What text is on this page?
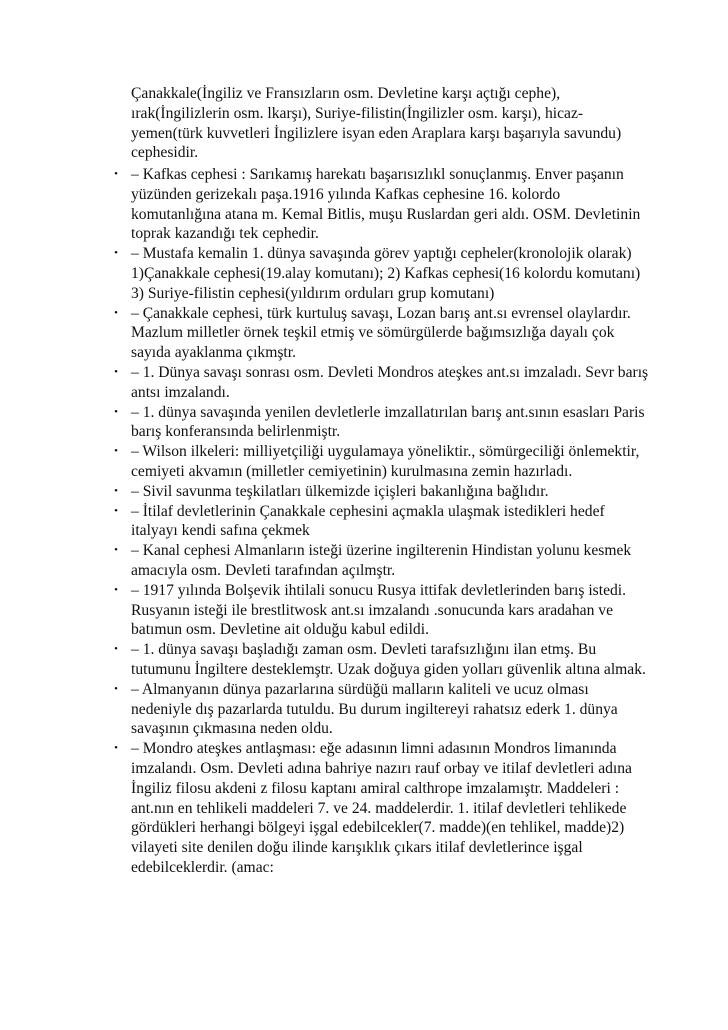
Çanakkale(İngiliz ve Fransızların osm. Devletine karşı açtığı cephe), ırak(İngilizlerin osm. lkarşı), Suriye-filistin(İngilizler osm. karşı), hicaz-yemen(türk kuvvetleri İngilizlere isyan eden Araplara karşı başarıyla savundu) cephesidir.
• – Kafkas cephesi : Sarıkamış harekatı başarısızlıkl sonuçlanmış. Enver paşanın yüzünden gerizekalı paşa.1916 yılında Kafkas cephesine 16. kolordo komutanlığına atana m. Kemal Bitlis, muşu Ruslardan geri aldı. OSM. Devletinin toprak kazandığı tek cephedir.
• – Mustafa kemalin 1. dünya savaşında görev yaptığı cepheler(kronolojik olarak) 1)Çanakkale cephesi(19.alay komutanı); 2) Kafkas cephesi(16 kolordu komutanı) 3) Suriye-filistin cephesi(yıldırım orduları grup komutanı)
• – Çanakkale cephesi, türk kurtuluş savaşı, Lozan barış ant.sı evrensel olaylardır. Mazlum milletler örnek teşkil etmiş ve sömürgülerde bağımsızlığa dayalı çok sayıda ayaklanma çıkmştr.
• – 1. Dünya savaşı sonrası osm. Devleti Mondros ateşkes ant.sı imzaladı. Sevr barış antsı imzalandı.
• – 1. dünya savaşında yenilen devletlerle imzallatırılan barış ant.sının esasları Paris barış konferansında belirlenmiştr.
• – Wilson ilkeleri: milliyetçiliği uygulamaya yöneliktir., sömürgeciliği önlemektir, cemiyeti akvamın (milletler cemiyetinin) kurulmasına zemin hazırladı.
• – Sivil savunma teşkilatları ülkemizde içişleri bakanlığına bağlıdır.
• – İtilaf devletlerinin Çanakkale cephesini açmakla ulaşmak istedikleri hedef italyayı kendi safına çekmek
• – Kanal cephesi Almanların isteği üzerine ingilterenin Hindistan yolunu kesmek amacıyla osm. Devleti tarafından açılmştr.
• – 1917 yılında Bolşevik ihtilali sonucu Rusya ittifak devletlerinden barış istedi. Rusyanın isteği ile brestlitwosk ant.sı imzalandı .sonucunda kars aradahan ve batımun osm. Devletine ait olduğu kabul edildi.
• – 1. dünya savaşı başladığı zaman osm. Devleti tarafsızlığını ilan etmş. Bu tutumunu İngiltere desteklemştr. Uzak doğuya giden yolları güvenlik altına almak.
• – Almanyanın dünya pazarlarına sürdüğü malların kaliteli ve ucuz olması nedeniyle dış pazarlarda tutuldu. Bu durum ingiltereyi rahatsız ederk 1. dünya savaşının çıkmasına neden oldu.
• – Mondro ateşkes antlaşması: eğe adasının limni adasının Mondros limanında imzalandı. Osm. Devleti adına bahriye nazırı rauf orbay ve itilaf devletleri adına İngiliz filosu akdeni z filosu kaptanı amiral calthrope imzalamıştr. Maddeleri : ant.nın en tehlikeli maddeleri 7. ve 24. maddelerdir. 1. itilaf devletleri tehlikede gördükleri herhangi bölgeyi işgal edebilcekler(7. madde)(en tehlikel, madde)2) vilayeti site denilen doğu ilinde karışıklık çıkars itilaf devletlerince işgal edebilceklerdir. (amac:
